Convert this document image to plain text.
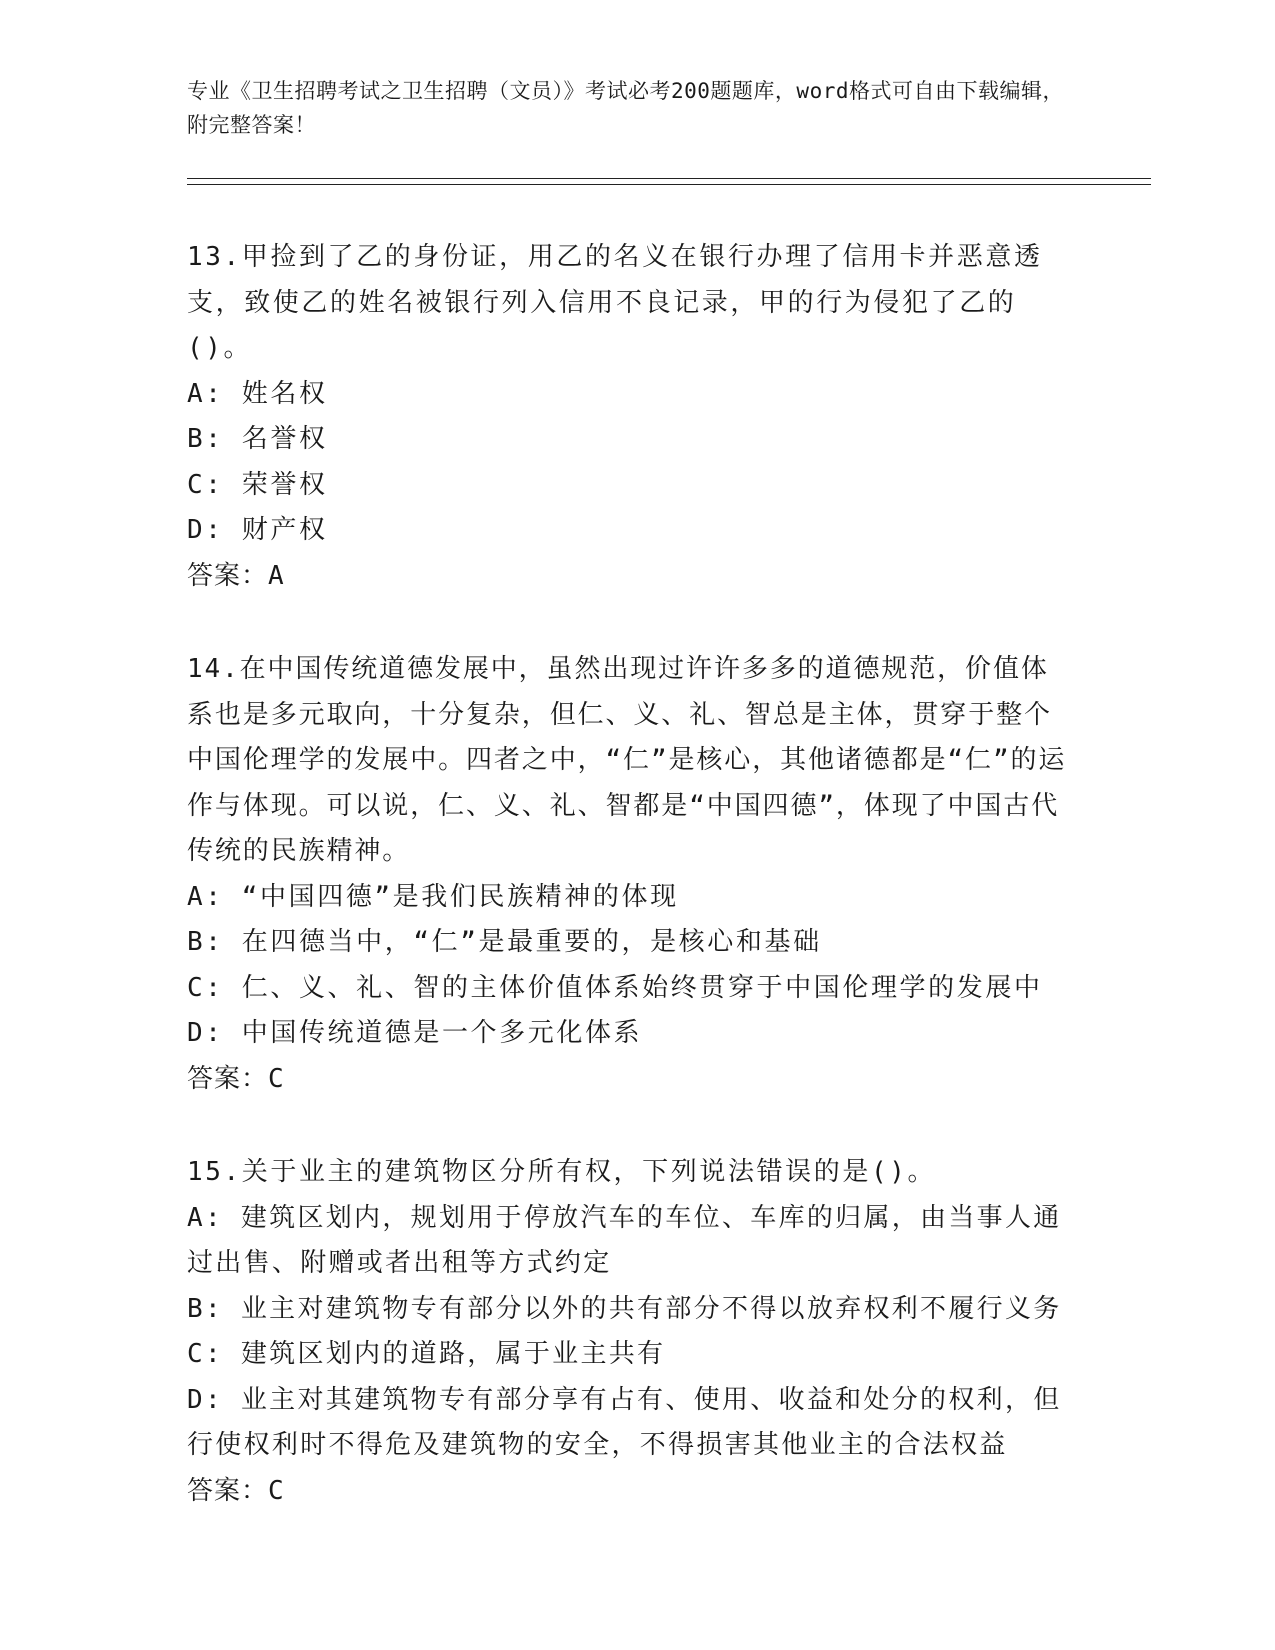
专业《卫生招聘考试之卫生招聘（文员）》考试必考200题题库，word格式可自由下载编辑，附完整答案！
13.甲捡到了乙的身份证，用乙的名义在银行办理了信用卡并恶意透支，致使乙的姓名被银行列入信用不良记录，甲的行为侵犯了乙的()。
A: 姓名权
B: 名誉权
C: 荣誉权
D: 财产权
答案：A
14.在中国传统道德发展中，虽然出现过许许多多的道德规范，价值体系也是多元取向，十分复杂，但仁、义、礼、智总是主体，贯穿于整个中国伦理学的发展中。四者之中，“仁”是核心，其他诸德都是“仁”的运作与体现。可以说，仁、义、礼、智都是“中国四德”，体现了中国古代传统的民族精神。
A: “中国四德”是我们民族精神的体现
B: 在四德当中，“仁”是最重要的，是核心和基础
C: 仁、义、礼、智的主体价值体系始终贯穿于中国伦理学的发展中
D: 中国传统道德是一个多元化体系
答案：C
15.关于业主的建筑物区分所有权，下列说法错误的是()。
A: 建筑区划内，规划用于停放汽车的车位、车库的归属，由当事人通过出售、附赠或者出租等方式约定
B: 业主对建筑物专有部分以外的共有部分不得以放弃权利不履行义务
C: 建筑区划内的道路，属于业主共有
D: 业主对其建筑物专有部分享有占有、使用、收益和处分的权利，但行使权利时不得危及建筑物的安全，不得损害其他业主的合法权益
答案：C
